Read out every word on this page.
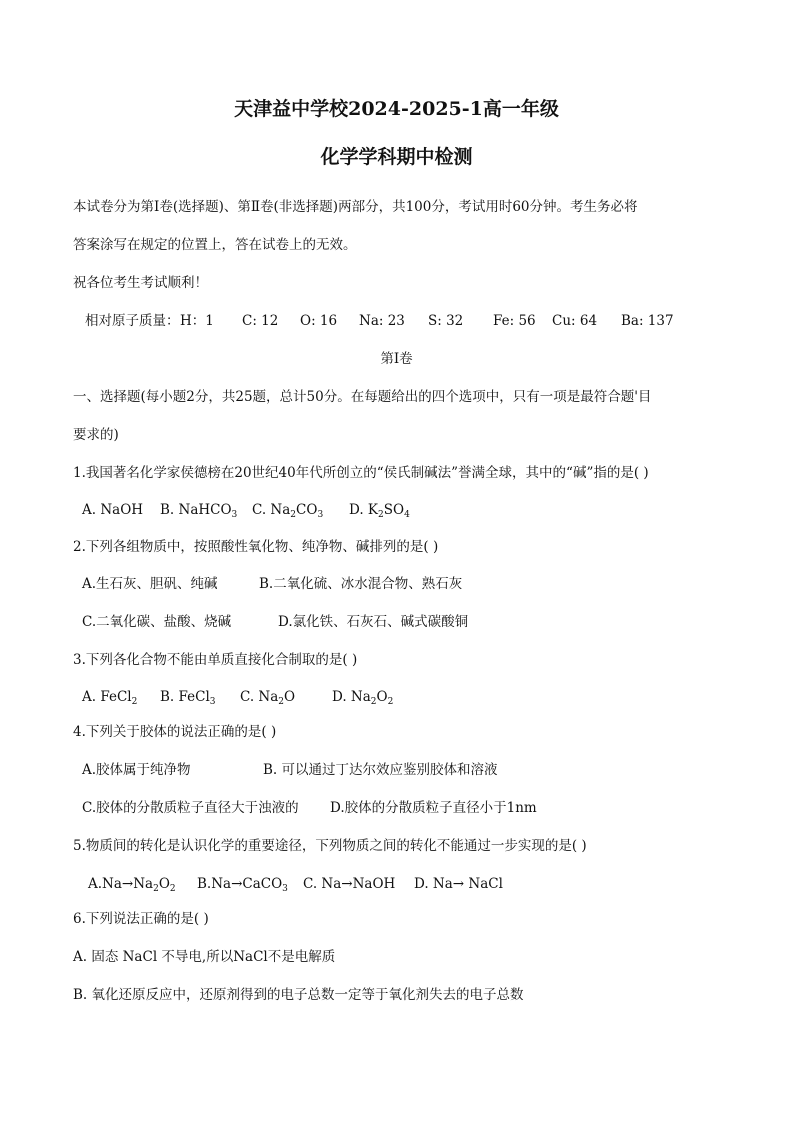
天津益中学校2024-2025-1高一年级
化学学科期中检测
本试卷分为第Ⅰ卷(选择题)、第Ⅱ卷(非选择题)两部分，共100分，考试用时60分钟。考生务必将
答案涂写在规定的位置上，答在试卷上的无效。
祝各位考生考试顺利！
相对原子质量： H：1 C: 12 O: 16 Na: 23 S: 32 Fe: 56 Cu: 64 Ba: 137
第Ⅰ卷
一、选择题(每小题2分，共25题，总计50分。在每题给出的四个选项中，只有一项是最符合题'目
要求的)
1.我国著名化学家侯德榜在20世纪40年代所创立的“侯氏制碱法”誉满全球，其中的“碱”指的是( )
A. NaOH B. NaHCO$_3$ C. $Na_2CO_3$ D. $K_2SO_4$
2.下列各组物质中，按照酸性氧化物、纯净物、碱排列的是( )
A.生石灰、胆矾、纯碱	B.二氧化硫、冰水混合物、熟石灰
C.二氧化碳、盐酸、烧碱	D.氯化铁、石灰石、碱式碳酸铜
3.下列各化合物不能由单质直接化合制取的是( )
A. FeCl$_2$ B. FeCl$_3$ C. $Na_2O$	D. $Na_2O_2$
4.下列关于胶体的说法正确的是( )
A.胶体属于纯净物	B. 可以通过丁达尔效应鉴别胶体和溶液
C.胶体的分散质粒子直径大于浊液的 D.胶体的分散质粒子直径小于1nm
5.物质间的转化是认识化学的重要途径，下列物质之间的转化不能通过一步实现的是( )
$A.Na\to Na_2O_2$ B.Na→CaCO$_3$ C. Na→NaOH D. Na→ NaCl
6.下列说法正确的是( )
A. 固态 NaCl 不导电,所以NaCl不是电解质
B. 氧化还原反应中，还原剂得到的电子总数一定等于氧化剂失去的电子总数
